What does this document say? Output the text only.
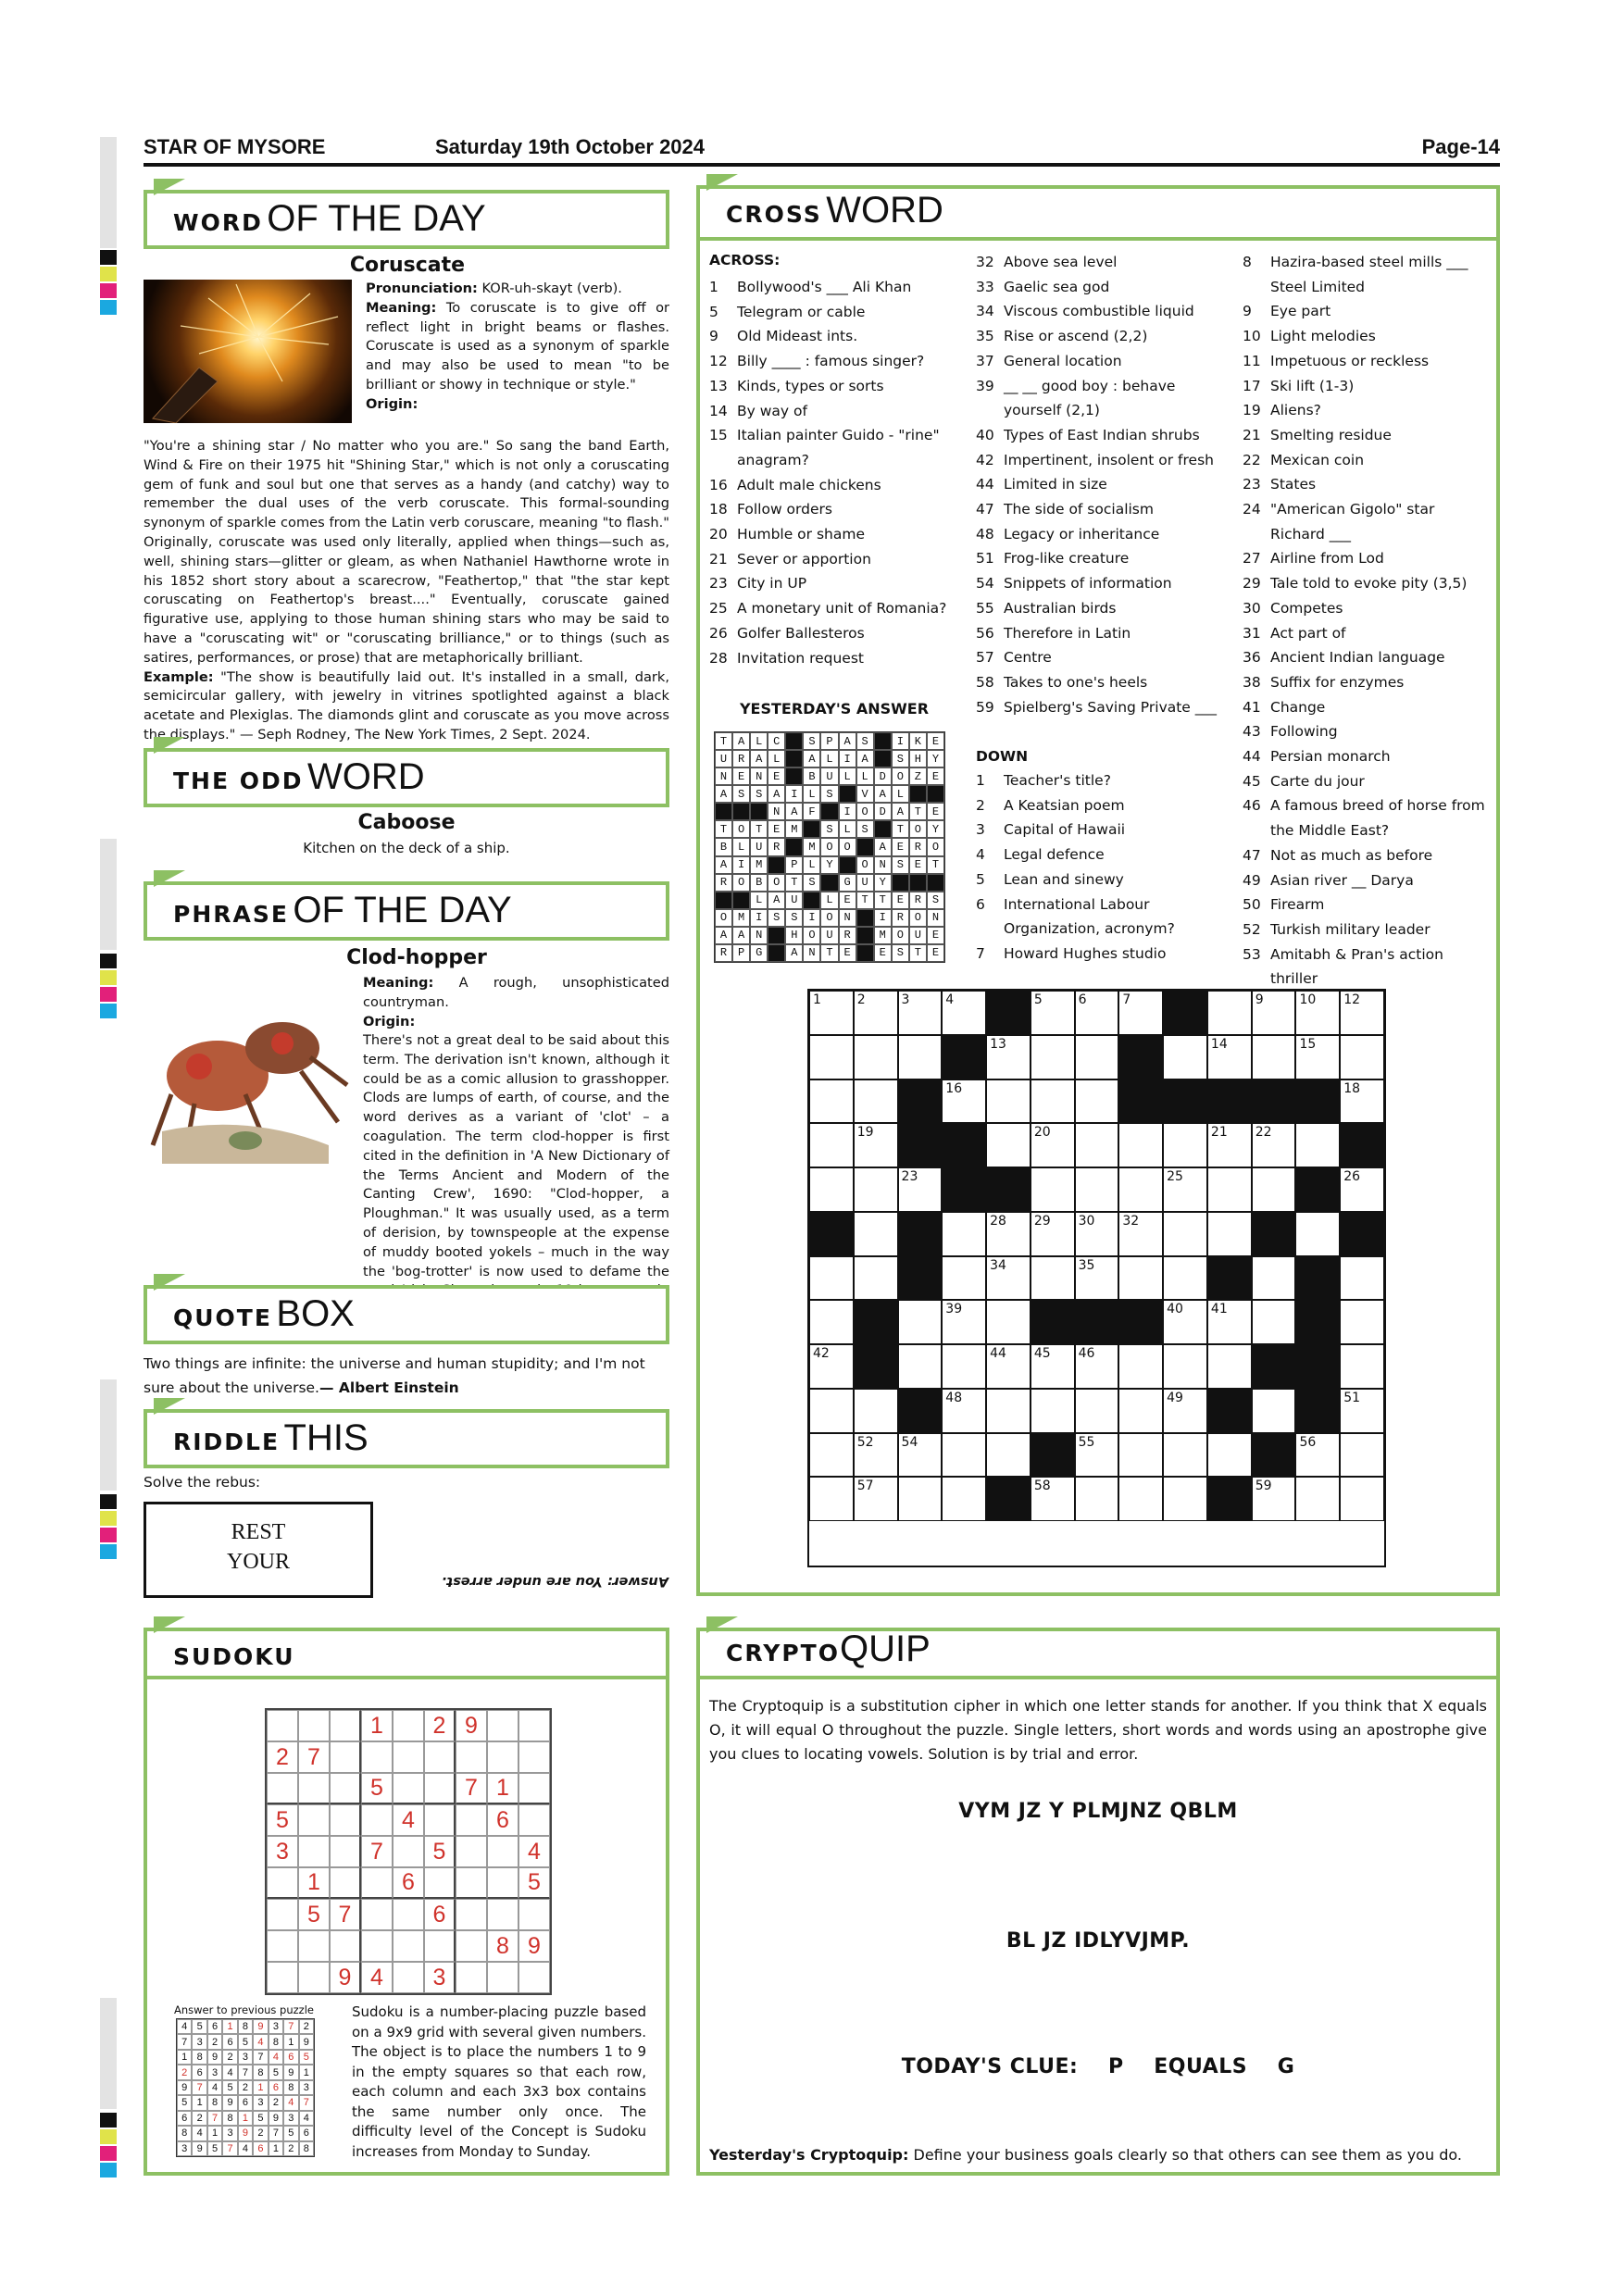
STAR OF MYSORE	Saturday 19th October 2024	Page-14
WORD OF THE DAY
Coruscate
Pronunciation: KOR-uh-skayt (verb).
Meaning: To coruscate is to give off or reflect light in bright beams or flashes. Coruscate is used as a synonym of sparkle and may also be used to mean "to be brilliant or showy in technique or style."
Origin:
"You're a shining star / No matter who you are." So sang the band Earth, Wind & Fire on their 1975 hit "Shining Star," which is not only a coruscating gem of funk and soul but one that serves as a handy (and catchy) way to remember the dual uses of the verb coruscate. This formal-sounding synonym of sparkle comes from the Latin verb coruscare, meaning "to flash." Originally, coruscate was used only literally, applied when things—such as, well, shining stars—glitter or gleam, as when Nathaniel Hawthorne wrote in his 1852 short story about a scarecrow, "Feathertop," that "the star kept coruscating on Feathertop's breast...." Eventually, coruscate gained figurative use, applying to those human shining stars who may be said to have a "coruscating wit" or "coruscating brilliance," or to things (such as satires, performances, or prose) that are metaphorically brilliant.
Example: "The show is beautifully laid out. It's installed in a small, dark, semicircular gallery, with jewelry in vitrines spotlighted against a black acetate and Plexiglas. The diamonds glint and coruscate as you move across the displays." — Seph Rodney, The New York Times, 2 Sept. 2024.
THE ODD WORD
Caboose
Kitchen on the deck of a ship.
PHRASE OF THE DAY
Clod-hopper
Meaning: A rough, unsophisticated countryman.
Origin:
There's not a great deal to be said about this term. The derivation isn't known, although it could be as a comic allusion to grasshopper. Clods are lumps of earth, of course, and the word derives as a variant of 'clot' – a coagulation. The term clod-hopper is first cited in the definition in 'A New Dictionary of the Terms Ancient and Modern of the Canting Crew', 1690: "Clod-hopper, a Ploughman." It was usually used, as a term of derision, by townspeople at the expense of muddy booted yokels – much in the way the 'bog-trotter' is now used to defame the
QUOTE BOX
Two things are infinite: the universe and human stupidity; and I'm not sure about the universe.— Albert Einstein
RIDDLE THIS
Solve the rebus:
REST
YOUR
Answer: You are under arrest.
CROSS WORD
ACROSS:
1	Bollywood's ___ Ali Khan
5	Telegram or cable
9	Old Mideast ints.
12 Billy ____ : famous singer?
13 Kinds, types or sorts
14 By way of
15 Italian painter Guido - "rine"
anagram?
16 Adult male chickens
18 Follow orders
20 Humble or shame
21 Sever or apportion
23 City in UP
25 A monetary unit of Romania?
26 Golfer Ballesteros
28 Invitation request
32 Above sea level
33 Gaelic sea god
34 Viscous combustible liquid
35 Rise or ascend (2,2)
37 General location
39 __ __ good boy : behave
yourself (2,1)
40 Types of East Indian shrubs
42 Impertinent, insolent or fresh
44 Limited in size
47 The side of socialism
48 Legacy or inheritance
51 Frog-like creature
54 Snippets of information
55 Australian birds
56 Therefore in Latin
57 Centre
58 Takes to one's heels
59 Spielberg's Saving Private ___
DOWN
1	Teacher's title?
2	A Keatsian poem
3	Capital of Hawaii
4	Legal defence
5	Lean and sinewy
6	International Labour
Organization, acronym?
7	Howard Hughes studio
8	Hazira-based steel mills ___
Steel Limited
9	Eye part
10 Light melodies
11 Impetuous or reckless
17 Ski lift (1-3)
19 Aliens?
21 Smelting residue
22 Mexican coin
23 States
24 "American Gigolo" star
Richard ___
27 Airline from Lod
29 Tale told to evoke pity (3,5)
30 Competes
31 Act part of
36 Ancient Indian language
38 Suffix for enzymes
41 Change
43 Following
44 Persian monarch
45 Carte du jour
46 A famous breed of horse from
the Middle East?
47 Not as much as before
49 Asian river __ Darya
50 Firearm
52 Turkish military leader
53 Amitabh & Pran's action thriller
YESTERDAY'S ANSWER
T A L C	S P A S	I K E
U R A L	A L I A	S H Y
N E N E	B U L L D O Z E
A S S A I L S	V A L
N A F	I O D A T E
T O T E M	S L S	T O Y
B L U R	M O O	A E R O
A I M	P L Y	O N S E T
R O B O T S	G U Y
L A U	L E T T E R S
O M I S S I O N	I R O N
A A N	H O U R	M O U E
R P G	A N T E	E S T E
1	2	3	4	5	6	7	9	10 12
13	14	15
16	18
19	20	21 22
23	25	26
28 29 30 32
34	35
39	40 41
42	44 45 46
48	49	51
52 54	55	56
57	58	59
SUDOKU
1	2 9
2 7
5	7 1
5	4	6
3	7	5	4
1	6	5
5 7	6
8 9
9 4	3
Answer to previous puzzle
4 5 6 1 8 9 3 7 2
7 3 2 6 5 4 8 1 9
1 8 9 2 3 7 4 6 5
2 6 3 4 7 8 5 9 1
9 7 4 5 2 1 6 8 3
5 1 8 9 6 3 2 4 7
6 2 7 8 1 5 9 3 4
8 4 1 3 9 2 7 5 6
3 9 5 7 4 6 1 2 8
Sudoku is a number-placing puzzle based on a 9x9 grid with several given numbers. The object is to place the numbers 1 to 9 in the empty squares so that each row, each column and each 3x3 box contains the same number only once. The difficulty level of the Concept is Sudoku increases from Monday to Sunday.
CRYPTOQUIP
The Cryptoquip is a substitution cipher in which one letter stands for another. If you think that X equals O, it will equal O throughout the puzzle. Single letters, short words and words using an apostrophe give you clues to locating vowels. Solution is by trial and error.
VYM JZ Y PLMJNZ QBLM
BL JZ IDLYVJMP.
TODAY'S CLUE: P EQUALS G
Yesterday's Cryptoquip: Define your business goals clearly so that others can see them as you do.
